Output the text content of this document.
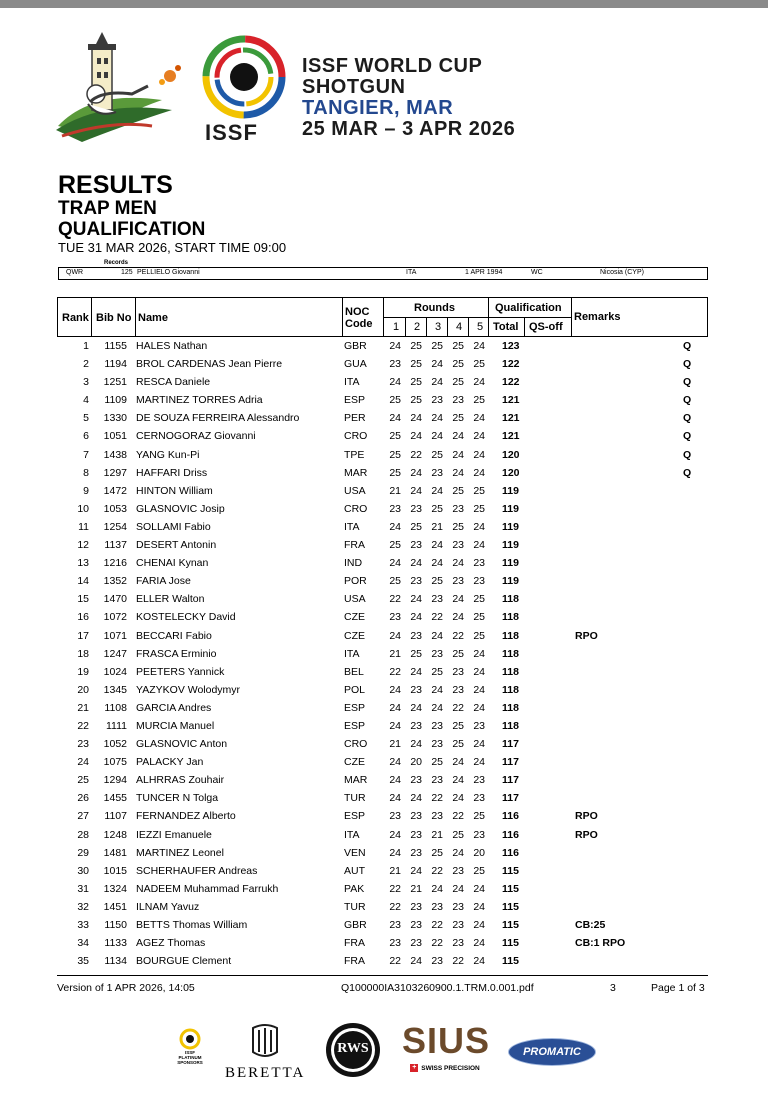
ISSF
ISSF WORLD CUP
SHOTGUN
TANGIER, MAR
25 MAR – 3 APR 2026
RESULTS
TRAP MEN
QUALIFICATION
TUE 31 MAR 2026, START TIME 09:00
Records
QWR	125 PELLIELO Giovanni	ITA	1 APR 1994	WC	Nicosia (CYP)
Rank Bib No Name	NOC
Code
Rounds
1 2 3 4 5
Qualification
Total QS-off
Remarks
1	1155 HALES Nathan	GBR 24 25 25 25 24 123	Q
2	1194 BROL CARDENAS Jean Pierre	GUA 23 25 24 25 25 122	Q
3	1251 RESCA Daniele	ITA	24 25 24 25 24 122	Q
4	1109 MARTINEZ TORRES Adria	ESP 25 25 23 23 25 121	Q
5	1330 DE SOUZA FERREIRA Alessandro	PER 24 24 24 25 24 121	Q
6	1051 CERNOGORAZ Giovanni	CRO 25 24 24 24 24 121	Q
7	1438 YANG Kun-Pi	TPE 25 22 25 24 24 120	Q
8	1297 HAFFARI Driss	MAR 25 24 23 24 24 120	Q
9	1472 HINTON William	USA 21 24 24 25 25 119
10	1053 GLASNOVIC Josip	CRO 23 23 25 23 25 119
11	1254 SOLLAMI Fabio	ITA	24 25 21 25 24 119
12	1137 DESERT Antonin	FRA 25 23 24 23 24 119
13	1216 CHENAI Kynan	IND	24 24 24 24 23 119
14	1352 FARIA Jose	POR 25 23 25 23 23 119
15	1470 ELLER Walton	USA 22 24 23 24 25 118
16	1072 KOSTELECKY David	CZE 23 24 22 24 25 118
17	1071 BECCARI Fabio	CZE 24 23 24 22 25 118	RPO
18	1247 FRASCA Erminio	ITA	21 25 23 25 24 118
19	1024 PEETERS Yannick	BEL 22 24 25 23 24 118
20	1345 YAZYKOV Wolodymyr	POL 24 23 24 23 24 118
21	1108 GARCIA Andres	ESP 24 24 24 22 24 118
22	1111 MURCIA Manuel	ESP 24 23 23 25 23 118
23	1052 GLASNOVIC Anton	CRO 21 24 23 25 24 117
24	1075 PALACKY Jan	CZE 24 20 25 24 24 117
25	1294 ALHRRAS Zouhair	MAR 24 23 23 24 23 117
26	1455 TUNCER N Tolga	TUR 24 24 22 24 23 117
27	1107 FERNANDEZ Alberto	ESP 23 23 23 22 25 116	RPO
28	1248 IEZZI Emanuele	ITA	24 23 21 25 23 116	RPO
29	1481 MARTINEZ Leonel	VEN 24 23 25 24 20 116
30	1015 SCHERHAUFER Andreas	AUT 21 24 22 23 25 115
31	1324 NADEEM Muhammad Farrukh	PAK 22 21 24 24 24 115
32	1451 ILNAM Yavuz	TUR 22 23 23 23 24 115
33	1150 BETTS Thomas William	GBR 23 23 22 23 24 115	CB:25
34	1133 AGEZ Thomas	FRA 23 23 22 23 24 115	CB:1 RPO
35	1134 BOURGUE Clement	FRA 22 24 23 22 24 115
Version of 1 APR 2026, 14:05	Q100000IA3103260900.1.TRM.0.001.pdf	3	Page 1 of 3
ISSF
PLATINUM
SPONSORS
BERETTA
RWS SIUS
+ SWISS PRECISION
PROMATIC
